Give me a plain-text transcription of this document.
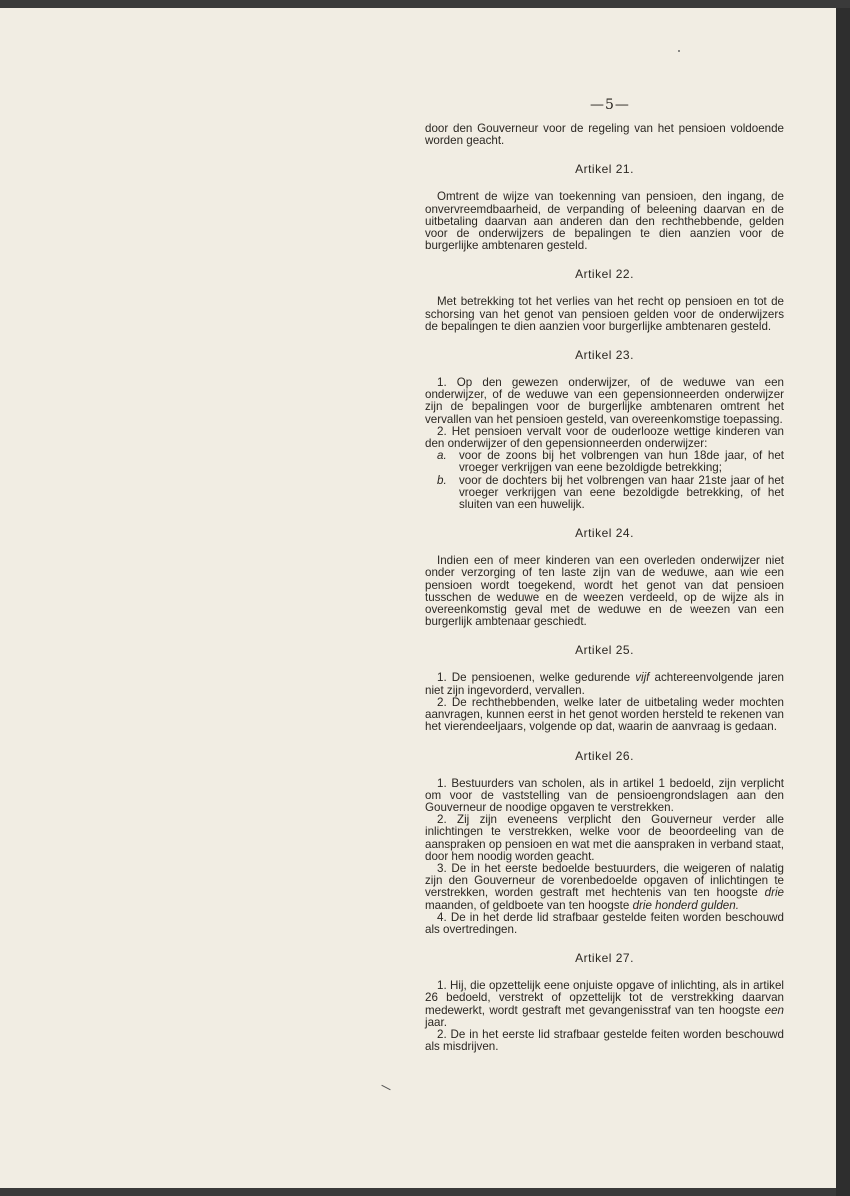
—5—

door den Gouverneur voor de regeling van het pensioen voldoende worden geacht.

Artikel 21.

Omtrent de wijze van toekenning van pensioen, den ingang, de onvervreemdbaarheid, de verpanding of beleening daarvan en de uitbetaling daarvan aan anderen dan den rechthebbende, gelden voor de onderwijzers de bepalingen te dien aanzien voor de burgerlijke ambtenaren gesteld.

Artikel 22.

Met betrekking tot het verlies van het recht op pensioen en tot de schorsing van het genot van pensioen gelden voor de onderwijzers de bepalingen te dien aanzien voor burgerlijke ambtenaren gesteld.

Artikel 23.

1. Op den gewezen onderwijzer, of de weduwe van een onderwijzer, of de weduwe van een gepensionneerden onderwijzer zijn de bepalingen voor de burgerlijke ambtenaren omtrent het vervallen van het pensioen gesteld, van overeenkomstige toepassing.

2. Het pensioen vervalt voor de ouderlooze wettige kinderen van den onderwijzer of den gepensionneerden onderwijzer:

a.	voor de zoons bij het volbrengen van hun 18de jaar, of het vroeger verkrijgen van eene bezoldigde betrekking;
b.	voor de dochters bij het volbrengen van haar 21ste jaar of het vroeger verkrijgen van eene bezoldigde betrekking, of het sluiten van een huwelijk.
Artikel 24.

Indien een of meer kinderen van een overleden onderwijzer niet onder verzorging of ten laste zijn van de weduwe, aan wie een pensioen wordt toegekend, wordt het genot van dat pensioen tusschen de weduwe en de weezen verdeeld, op de wijze als in overeenkomstig geval met de weduwe en de weezen van een burgerlijk ambtenaar geschiedt.

Artikel 25.

1. De pensioenen, welke gedurende vijf achtereenvolgende jaren niet zijn ingevorderd, vervallen.

2. De rechthebbenden, welke later de uitbetaling weder mochten aanvragen, kunnen eerst in het genot worden hersteld te rekenen van het vierendeeljaars, volgende op dat, waarin de aanvraag is gedaan.

Artikel 26.

1. Bestuurders van scholen, als in artikel 1 bedoeld, zijn verplicht om voor de vaststelling van de pensioengrondslagen aan den Gouverneur de noodige opgaven te verstrekken.

2. Zij zijn eveneens verplicht den Gouverneur verder alle inlichtingen te verstrekken, welke voor de beoordeeling van de aanspraken op pensioen en wat met die aanspraken in verband staat, door hem noodig worden geacht.

3. De in het eerste bedoelde bestuurders, die weigeren of nalatig zijn den Gouverneur de vorenbedoelde opgaven of inlichtingen te verstrekken, worden gestraft met hechtenis van ten hoogste drie maanden, of geldboete van ten hoogste drie honderd gulden.

4. De in het derde lid strafbaar gestelde feiten worden beschouwd als overtredingen.

Artikel 27.

1. Hij, die opzettelijk eene onjuiste opgave of inlichting, als in artikel 26 bedoeld, verstrekt of opzettelijk tot de verstrekking daarvan medewerkt, wordt gestraft met gevangenisstraf van ten hoogste een jaar.

2. De in het eerste lid strafbaar gestelde feiten worden beschouwd als misdrijven.
